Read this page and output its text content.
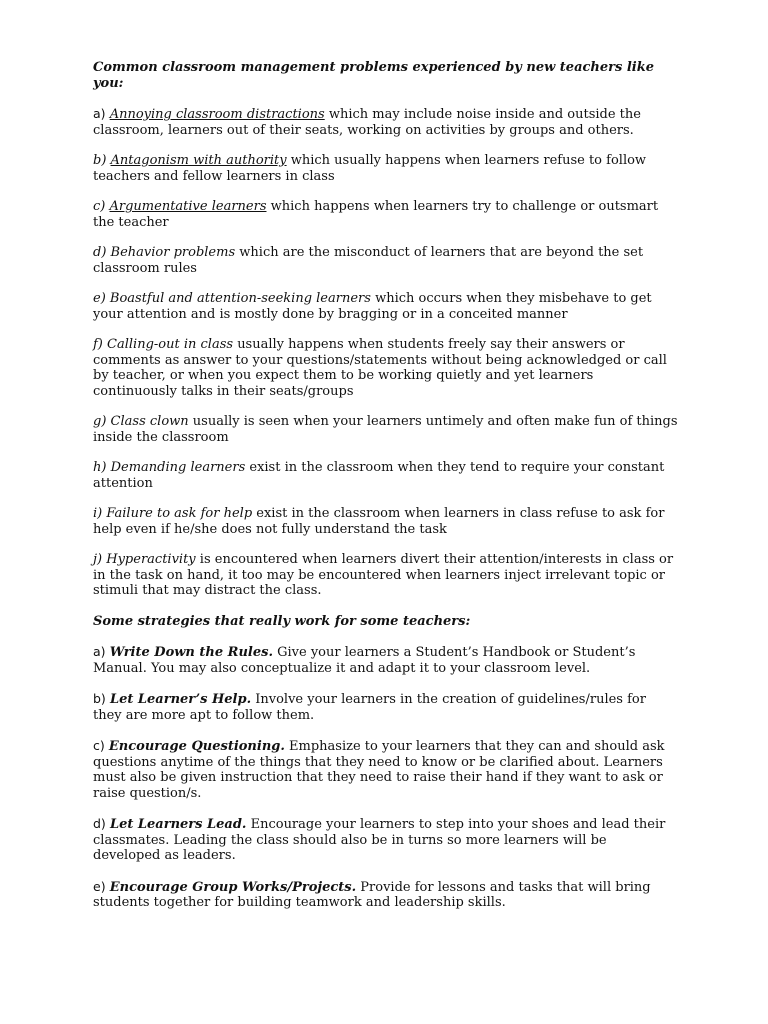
Common classroom management problems experienced by new teachers like you:

a) Annoying classroom distractions which may include noise inside and outside the classroom, learners out of their seats, working on activities by groups and others.

b) Antagonism with authority which usually happens when learners refuse to follow teachers and fellow learners in class

c) Argumentative learners which happens when learners try to challenge or outsmart the teacher

d) Behavior problems which are the misconduct of learners that are beyond the set classroom rules

e) Boastful and attention-seeking learners which occurs when they misbehave to get your attention and is mostly done by bragging or in a conceited manner

f) Calling-out in class usually happens when students freely say their answers or comments as answer to your questions/statements without being acknowledged or call by teacher, or when you expect them to be working quietly and yet learners continuously talks in their seats/groups

g) Class clown usually is seen when your learners untimely and often make fun of things inside the classroom

h) Demanding learners exist in the classroom when they tend to require your constant attention

i) Failure to ask for help exist in the classroom when learners in class refuse to ask for help even if he/she does not fully understand the task

j) Hyperactivity is encountered when learners divert their attention/interests in class or in the task on hand, it too may be encountered when learners inject irrelevant topic or stimuli that may distract the class.

Some strategies that really work for some teachers:

a) Write Down the Rules. Give your learners a Student’s Handbook or Student’s Manual. You may also conceptualize it and adapt it to your classroom level.

b) Let Learner’s Help. Involve your learners in the creation of guidelines/rules for they are more apt to follow them.

c) Encourage Questioning. Emphasize to your learners that they can and should ask questions anytime of the things that they need to know or be clarified about. Learners must also be given instruction that they need to raise their hand if they want to ask or raise question/s.

d) Let Learners Lead. Encourage your learners to step into your shoes and lead their classmates. Leading the class should also be in turns so more learners will be developed as leaders.

e) Encourage Group Works/Projects. Provide for lessons and tasks that will bring students together for building teamwork and leadership skills.
